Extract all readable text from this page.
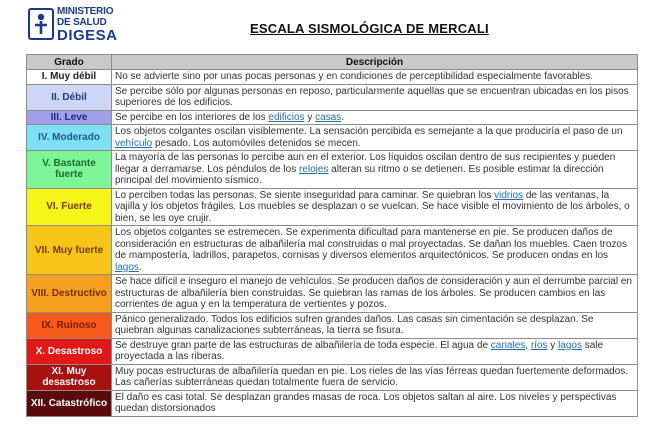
MINISTERIO
DE SALUD
DIGESA	ESCALA SISMOLÓGICA DE MERCALI
Grado	Descripción
I. Muy débil	No se advierte sino por unas pocas personas y en condiciones de perceptibilidad especialmente favorables.
II. Débil	Se percibe sólo por algunas personas en reposo, particularmente aquellas que se encuentran ubicadas en los pisos superiores de los edificios.
III. Leve	Se percibe en los interiores de los edificios y casas.
IV. Moderado	Los objetos colgantes oscilan visiblemente. La sensación percibida es semejante a la que produciría el paso de un vehículo pesado. Los automóviles detenidos se mecen.
V. Bastante fuerte	La mayoría de las personas lo percibe aun en el exterior. Los líquidos oscilan dentro de sus recipientes y pueden llegar a derramarse. Los péndulos de los relojes alteran su ritmo o se detienen. Es posible estimar la dirección principal del movimiento sísmico.
VI. Fuerte	Lo perciben todas las personas. Se siente inseguridad para caminar. Se quiebran los vidrios de las ventanas, la vajilla y los objetos frágiles. Los muebles se desplazan o se vuelcan. Se hace visible el movimiento de los árboles, o bien, se les oye crujir.
VII. Muy fuerte	Los objetos colgantes se estremecen. Se experimenta dificultad para mantenerse en pie. Se producen daños de consideración en estructuras de albañilería mal construidas o mal proyectadas. Se dañan los muebles. Caen trozos de mampostería, ladrillos, parapetos, cornisas y diversos elementos arquitectónicos. Se producen ondas en los lagos.
VIII. Destructivo	Se hace difícil e inseguro el manejo de vehículos. Se producen daños de consideración y aun el derrumbe parcial en estructuras de albañilería bien construidas. Se quiebran las ramas de los árboles. Se producen cambios en las corrientes de agua y en la temperatura de vertientes y pozos.
IX. Ruinoso	Pánico generalizado. Todos los edificios sufren grandes daños. Las casas sin cimentación se desplazan. Se quiebran algunas canalizaciones subterráneas, la tierra se fisura.
X. Desastroso	Se destruye gran parte de las estructuras de albañilería de toda especie. El agua de canales, ríos y lagos sale proyectada a las riberas.
XI. Muy desastroso	Muy pocas estructuras de albañilería quedan en pie. Los rieles de las vías férreas quedan fuertemente deformados. Las cañerías subterráneas quedan totalmente fuera de servicio.
XII. Catastrófico	El daño es casi total. Se desplazan grandes masas de roca. Los objetos saltan al aire. Los niveles y perspectivas quedan distorsionados
